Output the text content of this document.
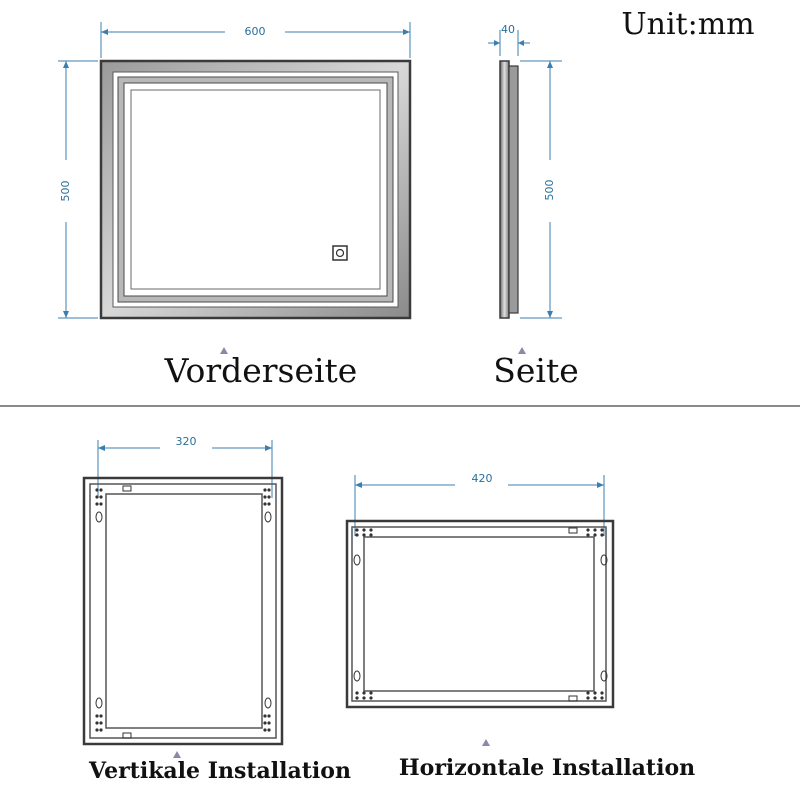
Unit:mm
600
500
Vorderseite
40
500
Seite
320
Vertikale Installation
420
Horizontale Installation
